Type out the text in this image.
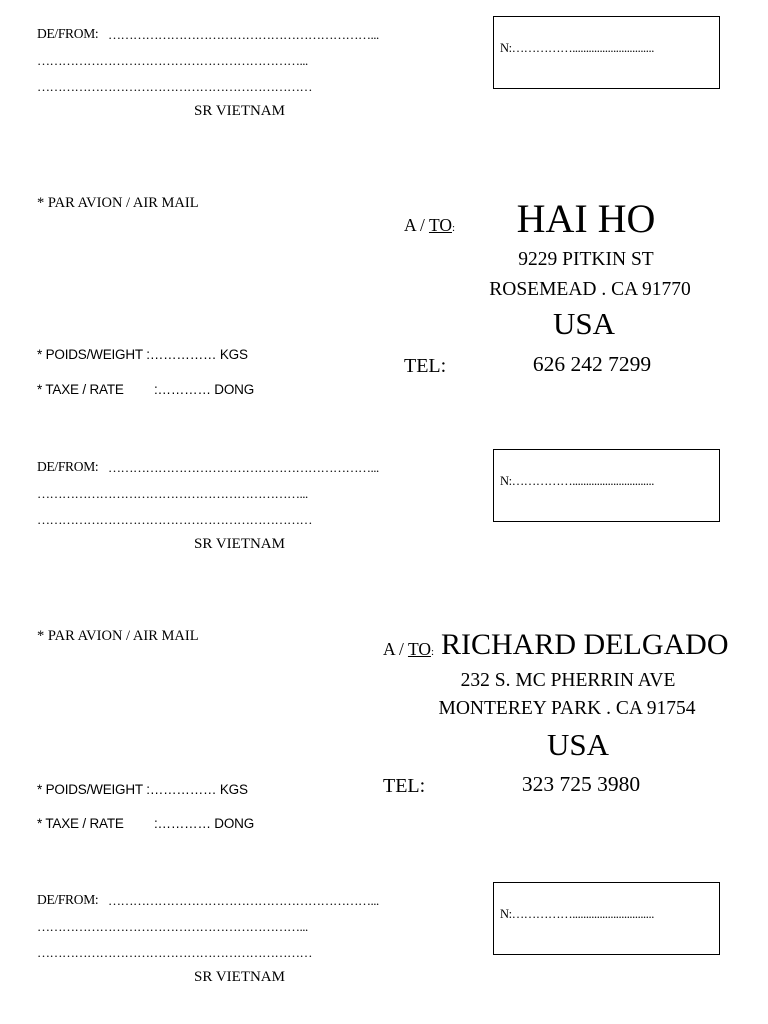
DE/FROM: ………………………………………………………...
………………………………………………………...
…………………………………………………………
SR VIETNAM
N:……………..............................
* PAR AVION / AIR MAIL
A / TO: HAI HO
9229 PITKIN ST
ROSEMEAD . CA 91770
USA
* POIDS/WEIGHT :…………… KGS
* TAXE / RATE :………… DONG
TEL:	626 242 7299
DE/FROM: ………………………………………………………...
………………………………………………………...
…………………………………………………………
SR VIETNAM
N:……………..............................
* PAR AVION / AIR MAIL
A / TO: RICHARD DELGADO
232 S. MC PHERRIN AVE
MONTEREY PARK . CA 91754
USA
* POIDS/WEIGHT :…………… KGS
* TAXE / RATE :………… DONG
TEL:	323 725 3980
DE/FROM: ………………………………………………………...
………………………………………………………...
…………………………………………………………
SR VIETNAM
N:……………..............................
